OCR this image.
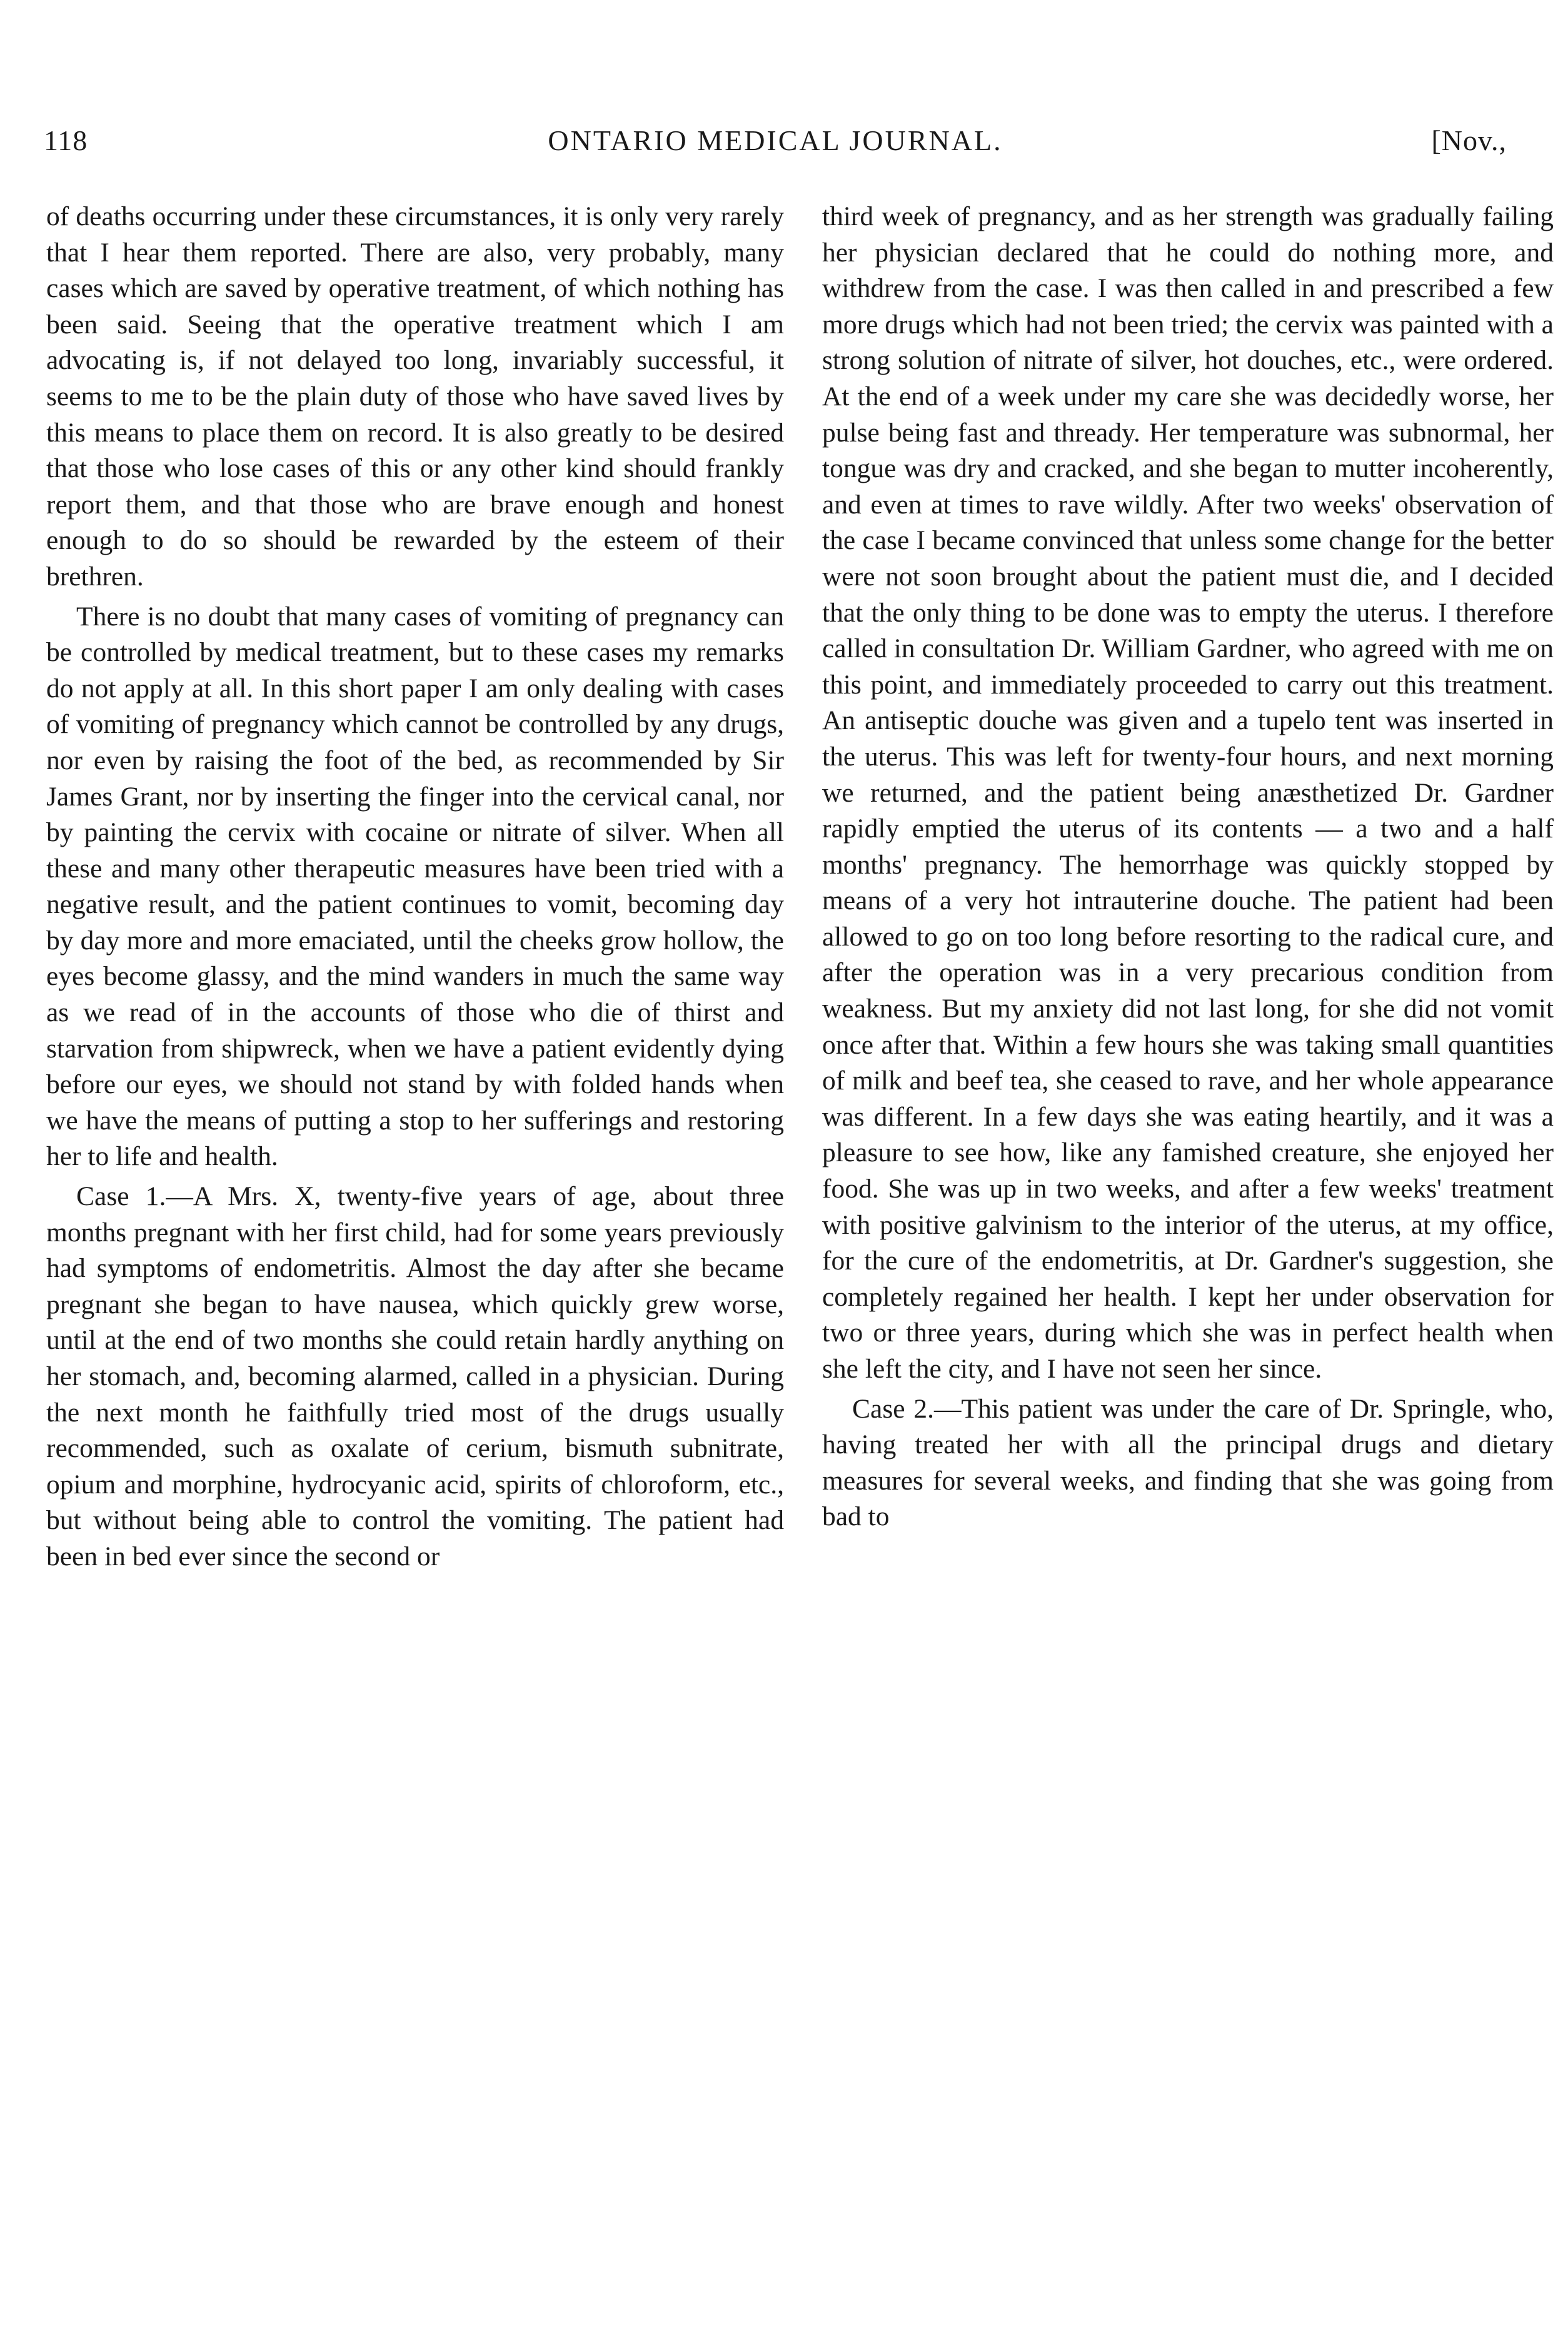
118	ONTARIO MEDICAL JOURNAL.	[Nov.,

of deaths occurring under these circumstances, it is only very rarely that I hear them reported. There are also, very probably, many cases which are saved by operative treatment, of which nothing has been said. Seeing that the operative treatment which I am advocating is, if not delayed too long, invariably successful, it seems to me to be the plain duty of those who have saved lives by this means to place them on record. It is also greatly to be desired that those who lose cases of this or any other kind should frankly report them, and that those who are brave enough and honest enough to do so should be rewarded by the esteem of their brethren.

There is no doubt that many cases of vomiting of pregnancy can be controlled by medical treatment, but to these cases my remarks do not apply at all. In this short paper I am only dealing with cases of vomiting of pregnancy which cannot be controlled by any drugs, nor even by raising the foot of the bed, as recommended by Sir James Grant, nor by inserting the finger into the cervical canal, nor by painting the cervix with cocaine or nitrate of silver. When all these and many other therapeutic measures have been tried with a negative result, and the patient continues to vomit, becoming day by day more and more emaciated, until the cheeks grow hollow, the eyes become glassy, and the mind wanders in much the same way as we read of in the accounts of those who die of thirst and starvation from shipwreck, when we have a patient evidently dying before our eyes, we should not stand by with folded hands when we have the means of putting a stop to her sufferings and restoring her to life and health.

Case 1.—A Mrs. X, twenty-five years of age, about three months pregnant with her first child, had for some years previously had symptoms of endometritis. Almost the day after she became pregnant she began to have nausea, which quickly grew worse, until at the end of two months she could retain hardly anything on her stomach, and, becoming alarmed, called in a physician. During the next month he faithfully tried most of the drugs usually recommended, such as oxalate of cerium, bismuth subnitrate, opium and morphine, hydrocyanic acid, spirits of chloroform, etc., but without being able to control the vomiting. The patient had been in bed ever since the second or

third week of pregnancy, and as her strength was gradually failing her physician declared that he could do nothing more, and withdrew from the case. I was then called in and prescribed a few more drugs which had not been tried; the cervix was painted with a strong solution of nitrate of silver, hot douches, etc., were ordered. At the end of a week under my care she was decidedly worse, her pulse being fast and thready. Her temperature was subnormal, her tongue was dry and cracked, and she began to mutter incoherently, and even at times to rave wildly. After two weeks' observation of the case I became convinced that unless some change for the better were not soon brought about the patient must die, and I decided that the only thing to be done was to empty the uterus. I therefore called in consultation Dr. William Gardner, who agreed with me on this point, and immediately proceeded to carry out this treatment. An antiseptic douche was given and a tupelo tent was inserted in the uterus. This was left for twenty-four hours, and next morning we returned, and the patient being anæsthetized Dr. Gardner rapidly emptied the uterus of its contents — a two and a half months' pregnancy. The hemorrhage was quickly stopped by means of a very hot intrauterine douche. The patient had been allowed to go on too long before resorting to the radical cure, and after the operation was in a very precarious condition from weakness. But my anxiety did not last long, for she did not vomit once after that. Within a few hours she was taking small quantities of milk and beef tea, she ceased to rave, and her whole appearance was different. In a few days she was eating heartily, and it was a pleasure to see how, like any famished creature, she enjoyed her food. She was up in two weeks, and after a few weeks' treatment with positive galvinism to the interior of the uterus, at my office, for the cure of the endometritis, at Dr. Gardner's suggestion, she completely regained her health. I kept her under observation for two or three years, during which she was in perfect health when she left the city, and I have not seen her since.

Case 2.—This patient was under the care of Dr. Springle, who, having treated her with all the principal drugs and dietary measures for several weeks, and finding that she was going from bad to
